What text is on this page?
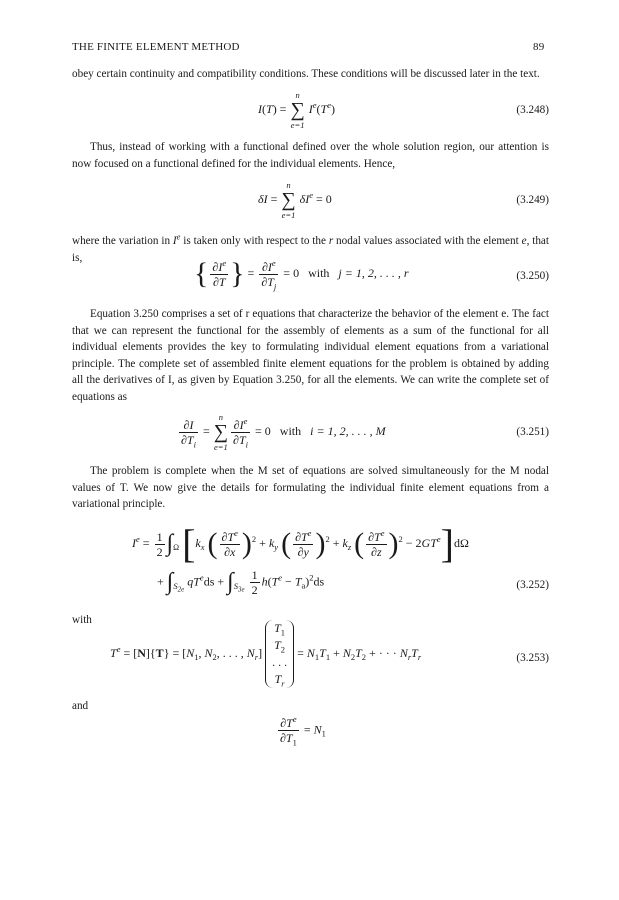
THE FINITE ELEMENT METHOD	89

obey certain continuity and compatibility conditions. These conditions will be discussed later in the text.

I(T) =
n
∑
e=1
$Ie(T^e)$	(3.248)

Thus, instead of working with a functional defined over the whole solution region, our attention is now focused on a functional defined for the individual elements. Hence,

δI =
n
∑
e=1
$\delta I^e = 0$	(3.249)

where the variation in Ie is taken only with respect to the r nodal values associated with the element e, that is,	{ $\frac{\partial I^e}{\partial T}$ } = $\frac{\partial I^e}{\partial T_j} = 0$   with j = 1, 2, . . . , r	(3.250)

Equation 3.250 comprises a set of r equations that characterize the behavior of the element e. The fact that we can represent the functional for the assembly of elements as a sum of the functional for all individual elements provides the key to formulating individual element equations from a variational principle. The complete set of assembled finite element equations for the problem is obtained by adding all the derivatives of I, as given by Equation 3.250, for all the elements. We can write the complete set of equations as

$\frac{\partial I}{\partial T_i}$ =
n
∑
e=1
$\frac{\partial I^e}{\partial T_i} = 0$   with i = 1, 2, . . . , M	(3.251)

The problem is complete when the M set of equations are solved simultaneously for the M nodal values of T. We now give the details for formulating the individual finite element equations from a variational principle.

$I^e = \frac{1}{2} \int_\Omega$ [$k_x$ ( $\frac{\partial T^e}{\partial x} )^2 + k_y$ ( $\frac{\partial T^e}{\partial y} )^2 + k_z$ ( $\frac{\partial T^e}{\partial z} )^2 - 2GT^e]d\Omega$
+ $\int_{S_{2e}}$ $qT^eds + \int_{S_{3e}} \frac{1}{2} h(T^e - T_a)^2ds$	(3.252)
with
$T^e = [N]\{T\} = [N_1$, $N_2$, . . . , $N_r$]
$T_1$
$T_2$
. . .
$T_r$
= $N_1T_1 + N_2T_2$ + · · · $N_rT_r$	(3.253)
and
$\frac{\partial T^e}{\partial T_1} = N_1$
